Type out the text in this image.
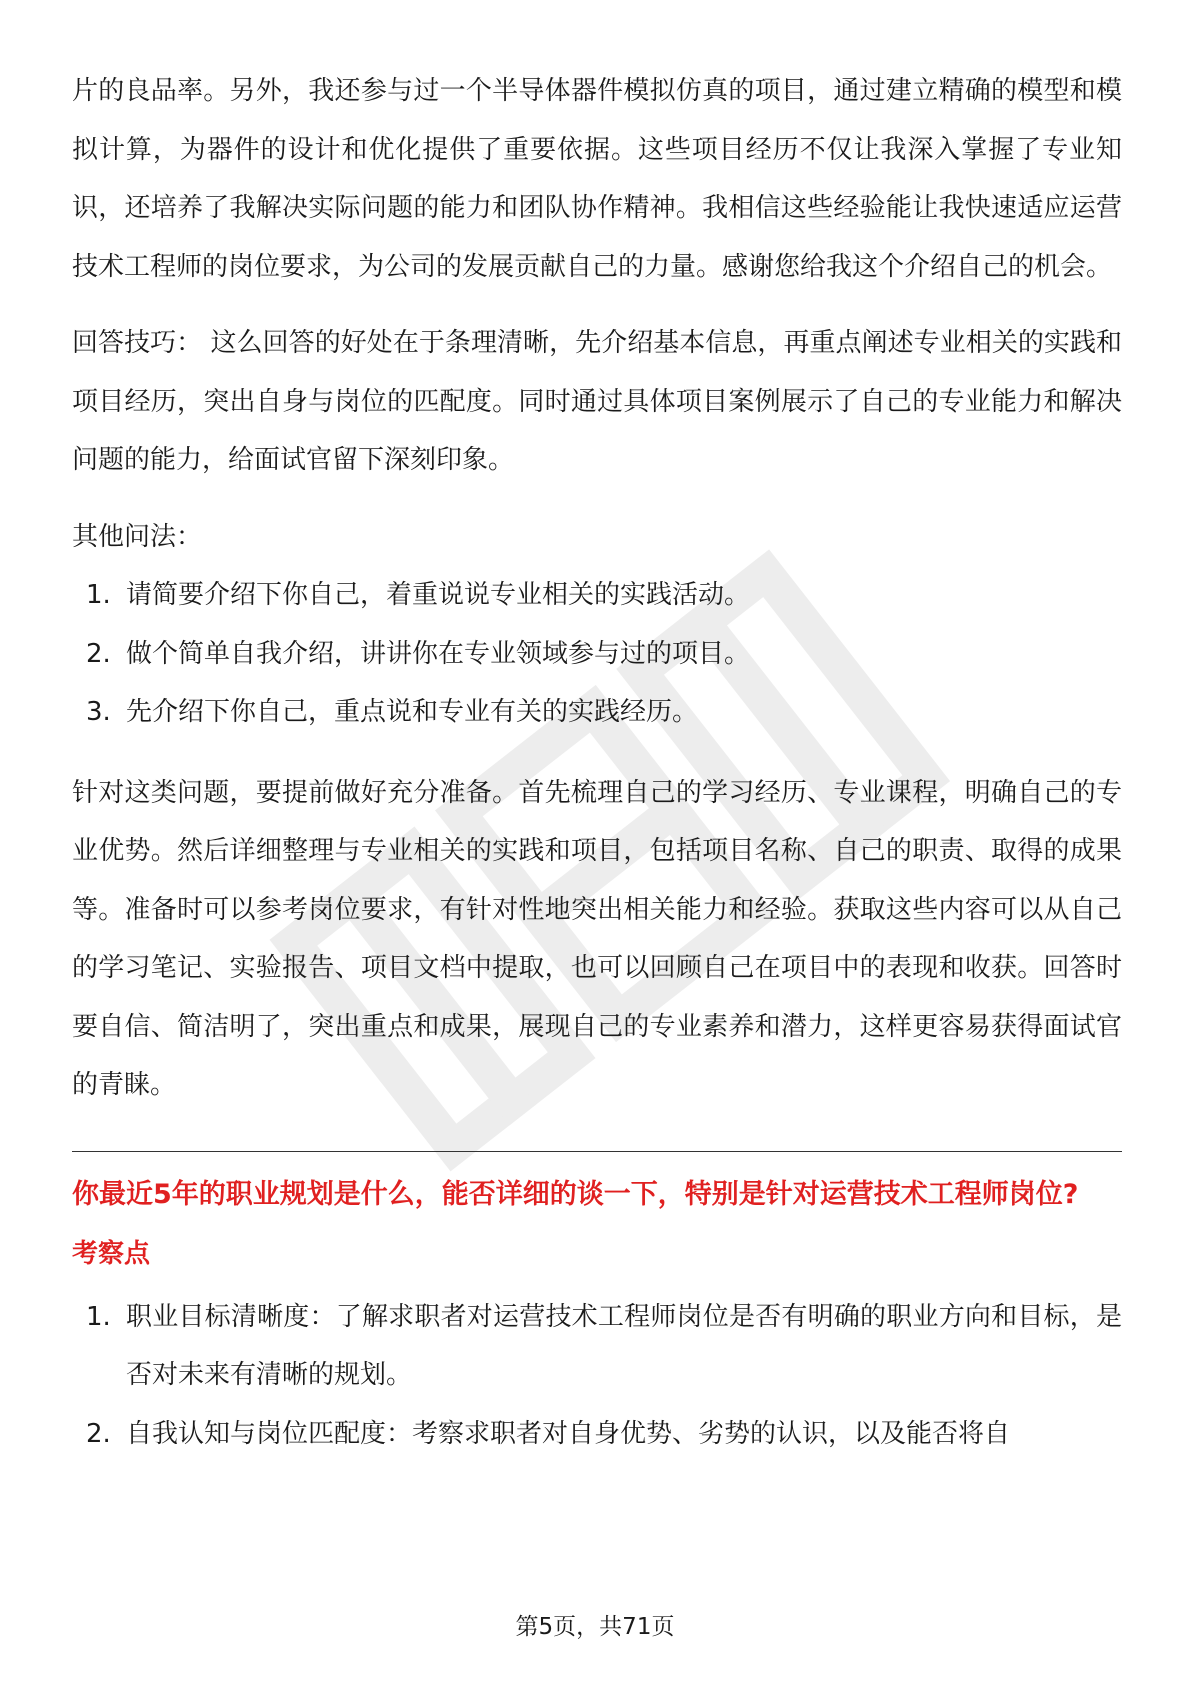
片的良品率。另外，我还参与过一个半导体器件模拟仿真的项目，通过建立精确的模型和模拟计算，为器件的设计和优化提供了重要依据。这些项目经历不仅让我深入掌握了专业知识，还培养了我解决实际问题的能力和团队协作精神。我相信这些经验能让我快速适应运营技术工程师的岗位要求，为公司的发展贡献自己的力量。感谢您给我这个介绍自己的机会。

回答技巧： 这么回答的好处在于条理清晰，先介绍基本信息，再重点阐述专业相关的实践和项目经历，突出自身与岗位的匹配度。同时通过具体项目案例展示了自己的专业能力和解决问题的能力，给面试官留下深刻印象。

其他问法：

1. 请简要介绍下你自己，着重说说专业相关的实践活动。
2. 做个简单自我介绍，讲讲你在专业领域参与过的项目。
3. 先介绍下你自己，重点说和专业有关的实践经历。

针对这类问题，要提前做好充分准备。首先梳理自己的学习经历、专业课程，明确自己的专业优势。然后详细整理与专业相关的实践和项目，包括项目名称、自己的职责、取得的成果等。准备时可以参考岗位要求，有针对性地突出相关能力和经验。获取这些内容可以从自己的学习笔记、实验报告、项目文档中提取，也可以回顾自己在项目中的表现和收获。回答时要自信、简洁明了，突出重点和成果，展现自己的专业素养和潜力，这样更容易获得面试官的青睐。

你最近5年的职业规划是什么，能否详细的谈一下，特别是针对运营技术工程师岗位?
考察点
1. 职业目标清晰度：了解求职者对运营技术工程师岗位是否有明确的职业方向和目标，是否对未来有清晰的规划。
2. 自我认知与岗位匹配度：考察求职者对自身优势、劣势的认识，以及能否将自
第5页，共71页
